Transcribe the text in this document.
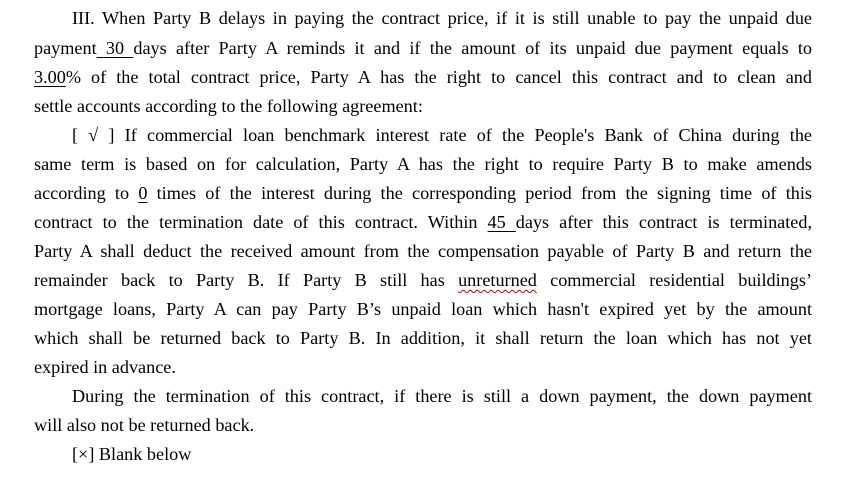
III. When Party B delays in paying the contract price, if it is still unable to pay the unpaid due
payment 30 days after Party A reminds it and if the amount of its unpaid due payment equals to
3.00% of the total contract price, Party A has the right to cancel this contract and to clean and
settle accounts according to the following agreement:
[ √ ] If commercial loan benchmark interest rate of the People's Bank of China during the
same term is based on for calculation, Party A has the right to require Party B to make amends
according to 0 times of the interest during the corresponding period from the signing time of this
contract to the termination date of this contract. Within 45 days after this contract is terminated,
Party A shall deduct the received amount from the compensation payable of Party B and return the
remainder back to Party B. If Party B still has unreturned commercial residential buildings’
mortgage loans, Party A can pay Party B’s unpaid loan which hasn't expired yet by the amount
which shall be returned back to Party B. In addition, it shall return the loan which has not yet
expired in advance.
During the termination of this contract, if there is still a down payment, the down payment
will also not be returned back.
[×] Blank below
